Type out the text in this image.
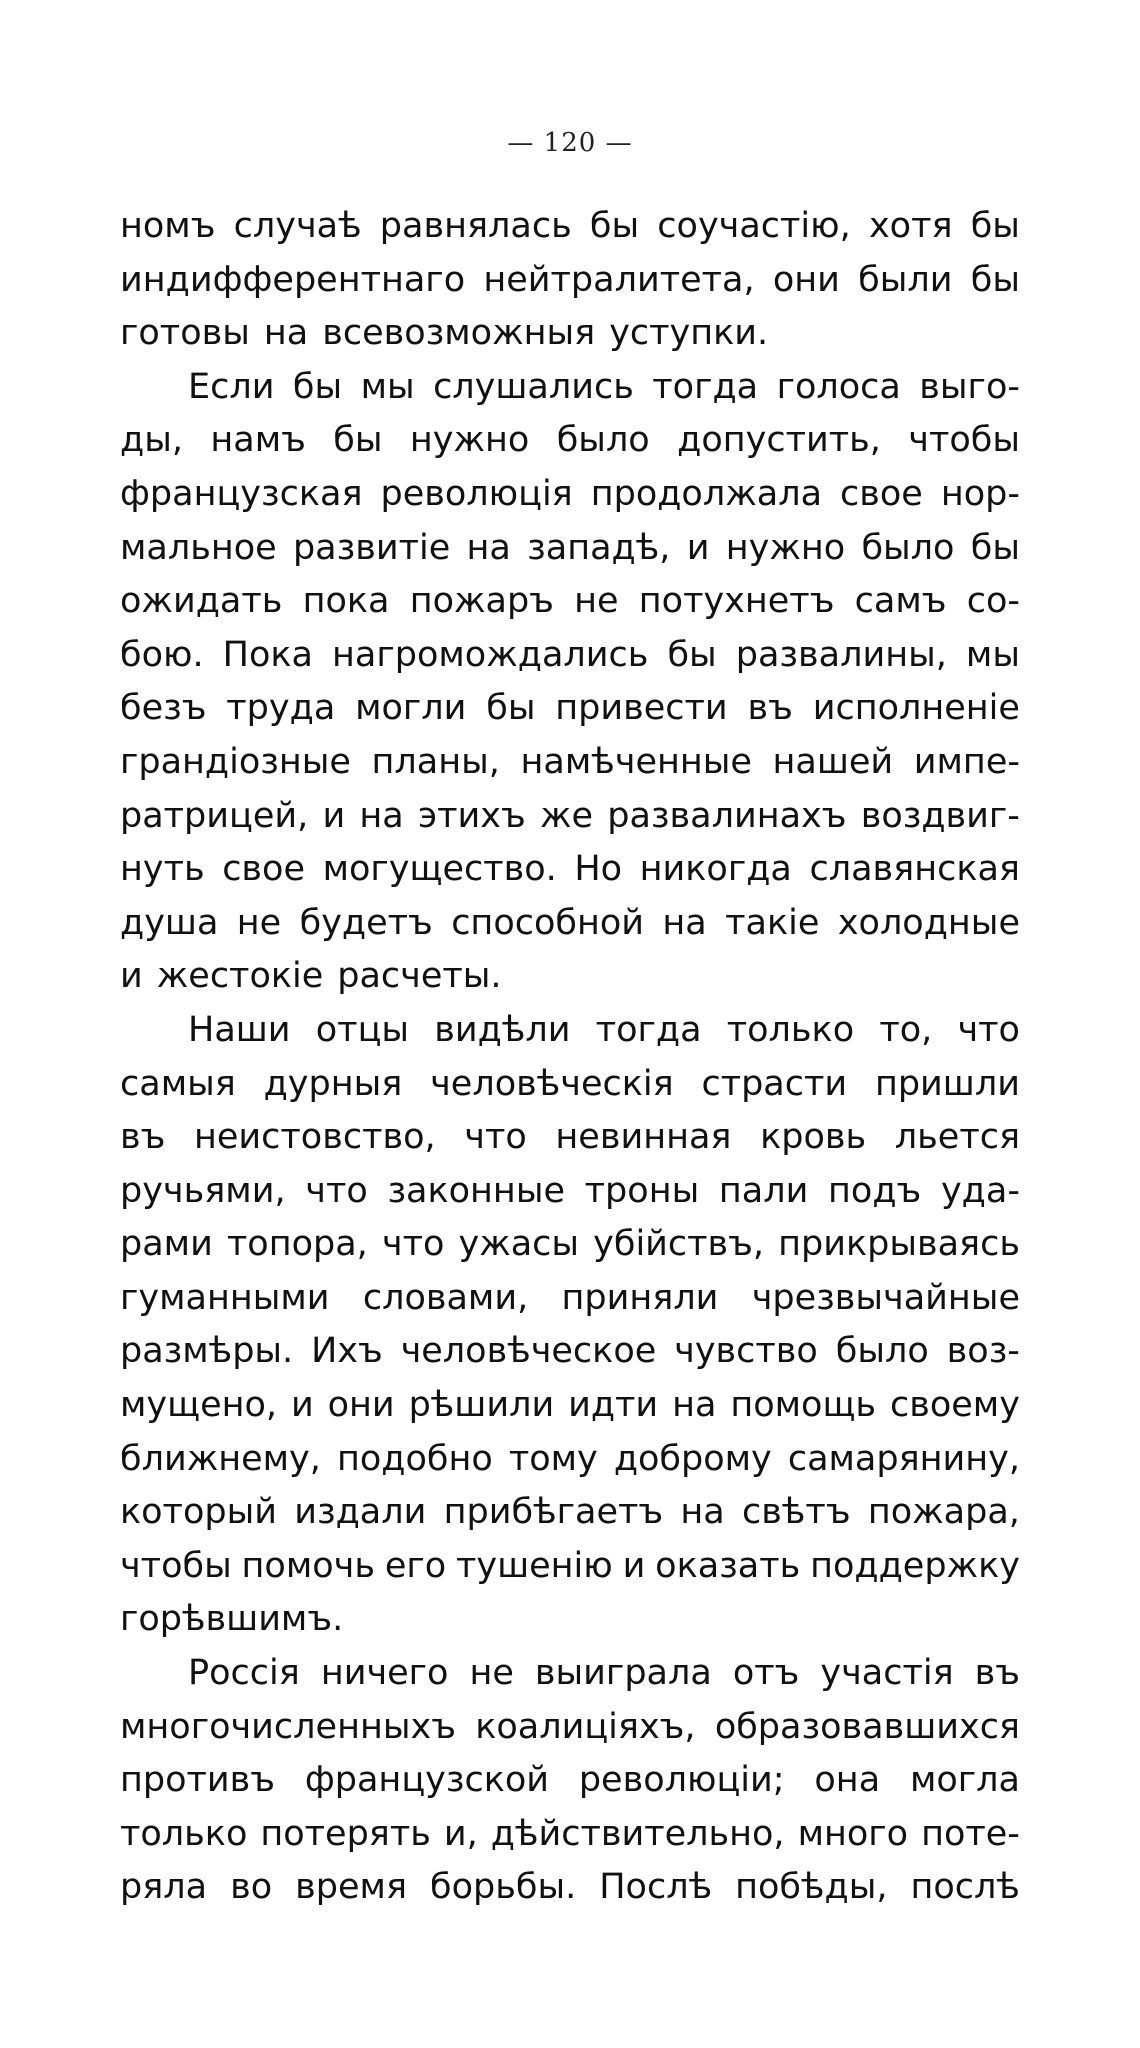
— 120 —
номъ случаѣ равнялась бы соучастію, хотя бы
индифферентнаго нейтралитета, они были бы
готовы на всевозможныя уступки.
Если бы мы слушались тогда голоса выго-
ды, намъ бы нужно было допустить, чтобы
французская революція продолжала свое нор-
мальное развитіе на западѣ, и нужно было бы
ожидать пока пожаръ не потухнетъ самъ со-
бою. Пока нагромождались бы развалины, мы
безъ труда могли бы привести въ исполненіе
грандіозные планы, намѣченные нашей импе-
ратрицей, и на этихъ же развалинахъ воздвиг-
нуть свое могущество. Но никогда славянская
душа не будетъ способной на такіе холодные
и жестокіе расчеты.
Наши отцы видѣли тогда только то, что
самыя дурныя человѣческія страсти пришли
въ неистовство, что невинная кровь льется
ручьями, что законные троны пали подъ уда-
рами топора, что ужасы убійствъ, прикрываясь
гуманными словами, приняли чрезвычайные
размѣры. Ихъ человѣческое чувство было воз-
мущено, и они рѣшили идти на помощь своему
ближнему, подобно тому доброму самарянину,
который издали прибѣгаетъ на свѣтъ пожара,
чтобы помочь его тушенію и оказать поддержку
горѣвшимъ.
Россія ничего не выиграла отъ участія въ
многочисленныхъ коалиціяхъ, образовавшихся
противъ французской революціи; она могла
только потерять и, дѣйствительно, много поте-
ряла во время борьбы. Послѣ побѣды, послѣ
